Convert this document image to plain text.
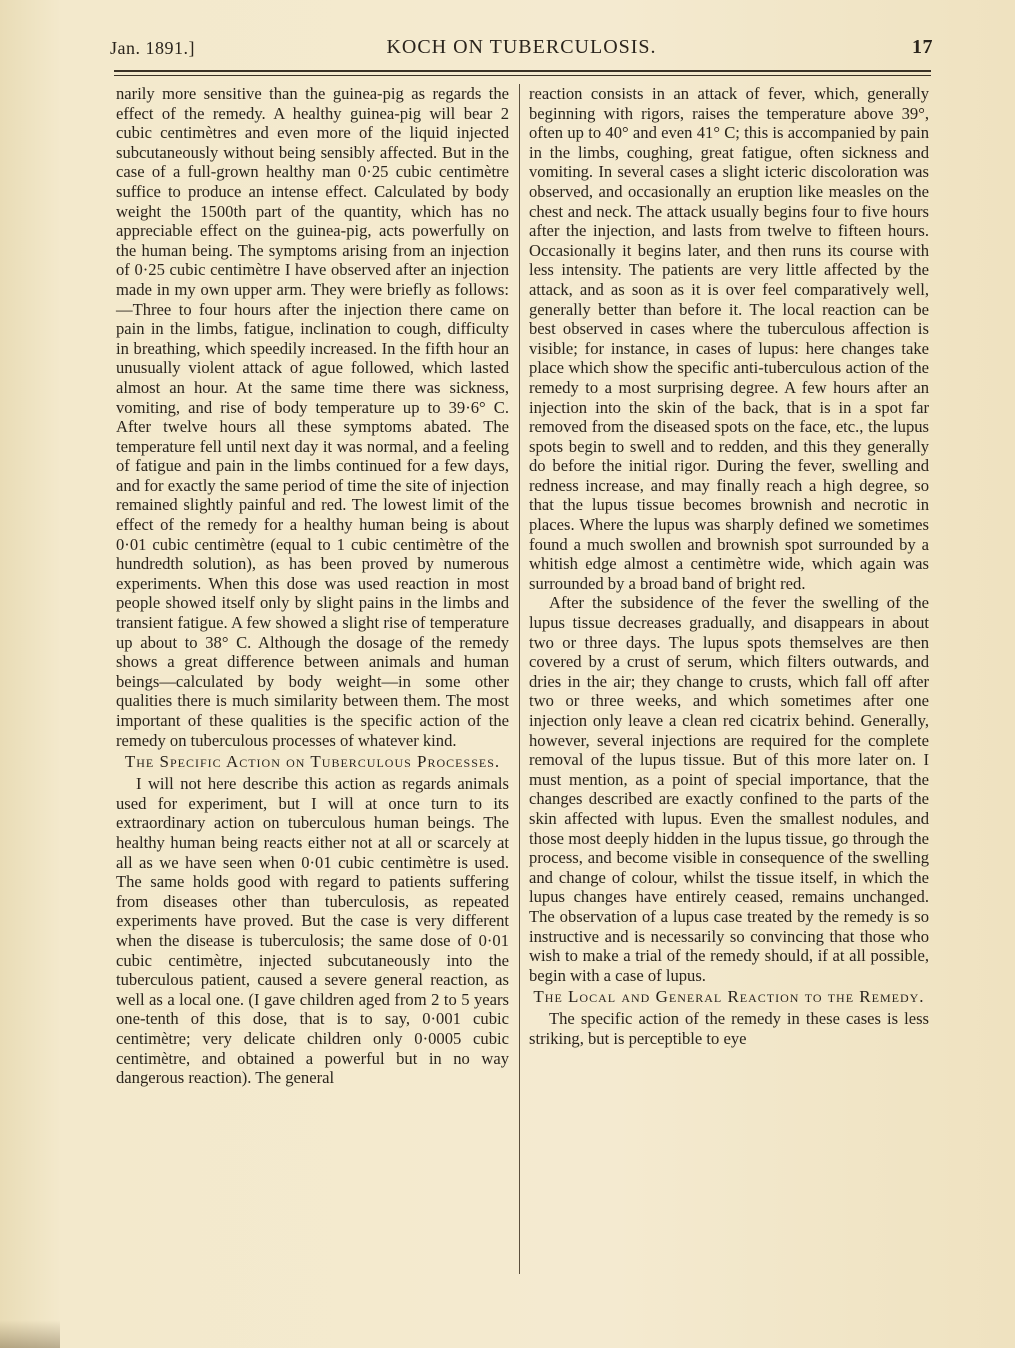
Jan. 1891.]	KOCH ON TUBERCULOSIS.	17

narily more sensitive than the guinea-pig as regards the effect of the remedy. A healthy guinea-pig will bear 2 cubic centimètres and even more of the liquid injected subcutaneously without being sensibly affected. But in the case of a full-grown healthy man 0·25 cubic centimètre suffice to produce an intense effect. Calculated by body weight the 1500th part of the quantity, which has no appreciable effect on the guinea-pig, acts powerfully on the human being. The symptoms arising from an injection of 0·25 cubic centimètre I have observed after an injection made in my own upper arm. They were briefly as follows:—Three to four hours after the injection there came on pain in the limbs, fatigue, inclination to cough, difficulty in breathing, which speedily increased. In the fifth hour an unusually violent attack of ague followed, which lasted almost an hour. At the same time there was sickness, vomiting, and rise of body temperature up to 39·6° C. After twelve hours all these symptoms abated. The temperature fell until next day it was normal, and a feeling of fatigue and pain in the limbs continued for a few days, and for exactly the same period of time the site of injection remained slightly painful and red. The lowest limit of the effect of the remedy for a healthy human being is about 0·01 cubic centimètre (equal to 1 cubic centimètre of the hundredth solution), as has been proved by numerous experiments. When this dose was used reaction in most people showed itself only by slight pains in the limbs and transient fatigue. A few showed a slight rise of temperature up about to 38° C. Although the dosage of the remedy shows a great difference between animals and human beings—calculated by body weight—in some other qualities there is much similarity between them. The most important of these qualities is the specific action of the remedy on tuberculous processes of whatever kind.

The Specific Action on Tuberculous Processes.

I will not here describe this action as regards animals used for experiment, but I will at once turn to its extraordinary action on tuberculous human beings. The healthy human being reacts either not at all or scarcely at all as we have seen when 0·01 cubic centimètre is used. The same holds good with regard to patients suffering from diseases other than tuberculosis, as repeated experiments have proved. But the case is very different when the disease is tuberculosis; the same dose of 0·01 cubic centimètre, injected subcutaneously into the tuberculous patient, caused a severe general reaction, as well as a local one. (I gave children aged from 2 to 5 years one-tenth of this dose, that is to say, 0·001 cubic centimètre; very delicate children only 0·0005 cubic centimètre, and obtained a powerful but in no way dangerous reaction). The general

reaction consists in an attack of fever, which, generally beginning with rigors, raises the temperature above 39°, often up to 40° and even 41° C; this is accompanied by pain in the limbs, coughing, great fatigue, often sickness and vomiting. In several cases a slight icteric discoloration was observed, and occasionally an eruption like measles on the chest and neck. The attack usually begins four to five hours after the injection, and lasts from twelve to fifteen hours. Occasionally it begins later, and then runs its course with less intensity. The patients are very little affected by the attack, and as soon as it is over feel comparatively well, generally better than before it. The local reaction can be best observed in cases where the tuberculous affection is visible; for instance, in cases of lupus: here changes take place which show the specific anti-tuberculous action of the remedy to a most surprising degree. A few hours after an injection into the skin of the back, that is in a spot far removed from the diseased spots on the face, etc., the lupus spots begin to swell and to redden, and this they generally do before the initial rigor. During the fever, swelling and redness increase, and may finally reach a high degree, so that the lupus tissue becomes brownish and necrotic in places. Where the lupus was sharply defined we sometimes found a much swollen and brownish spot surrounded by a whitish edge almost a centimètre wide, which again was surrounded by a broad band of bright red.

After the subsidence of the fever the swelling of the lupus tissue decreases gradually, and disappears in about two or three days. The lupus spots themselves are then covered by a crust of serum, which filters outwards, and dries in the air; they change to crusts, which fall off after two or three weeks, and which sometimes after one injection only leave a clean red cicatrix behind. Generally, however, several injections are required for the complete removal of the lupus tissue. But of this more later on. I must mention, as a point of special importance, that the changes described are exactly confined to the parts of the skin affected with lupus. Even the smallest nodules, and those most deeply hidden in the lupus tissue, go through the process, and become visible in consequence of the swelling and change of colour, whilst the tissue itself, in which the lupus changes have entirely ceased, remains unchanged. The observation of a lupus case treated by the remedy is so instructive and is necessarily so convincing that those who wish to make a trial of the remedy should, if at all possible, begin with a case of lupus.

The Local and General Reaction to the Remedy.

The specific action of the remedy in these cases is less striking, but is perceptible to eye
